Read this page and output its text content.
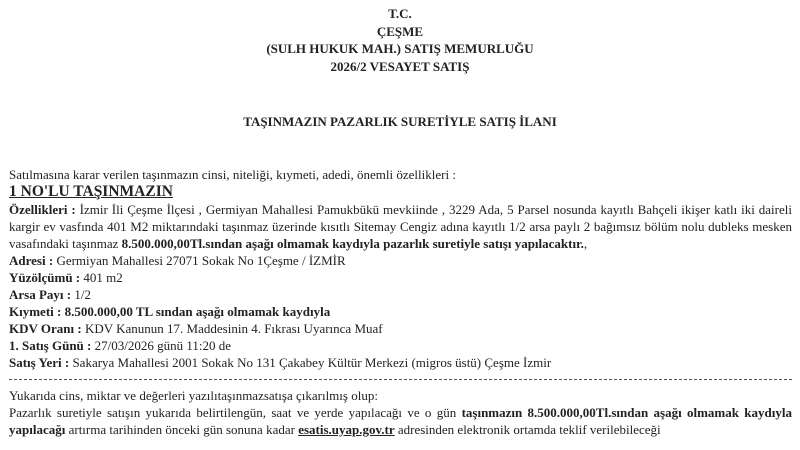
T.C.
ÇEŞME
(SULH HUKUK MAH.) SATIŞ MEMURLUĞU
2026/2 VESAYET SATIŞ
TAŞINMAZIN PAZARLIK SURETİYLE SATIŞ İLANI

Satılmasına karar verilen taşınmazın cinsi, niteliği, kıymeti, adedi, önemli özellikleri :

1 NO'LU TAŞINMAZIN

Özellikleri : İzmir İli Çeşme İlçesi , Germiyan Mahallesi Pamukbükü mevkiinde , 3229 Ada, 5 Parsel nosunda kayıtlı Bahçeli ikişer katlı iki daireli kargir ev vasfında 401 M2 miktarındaki taşınmaz üzerinde kısıtlı Sitemay Cengiz adına kayıtlı 1/2 arsa paylı 2 bağımsız bölüm nolu dubleks mesken vasafındaki taşınmaz 8.500.000,00Tl.sından aşağı olmamak kaydıyla pazarlık suretiyle satışı yapılacaktır.,

Adresi : Germiyan Mahallesi 27071 Sokak No 1Çeşme / İZMİR

Yüzölçümü : 401 m2

Arsa Payı : 1/2

Kıymeti : 8.500.000,00 TL sından aşağı olmamak kaydıyla

KDV Oranı : KDV Kanunun 17. Maddesinin 4. Fıkrası Uyarınca Muaf

1. Satış Günü : 27/03/2026 günü 11:20 de

Satış Yeri : Sakarya Mahallesi 2001 Sokak No 131 Çakabey Kültür Merkezi (migros üstü) Çeşme İzmir

Yukarıda cins, miktar ve değerleri yazılıtaşınmazsatışa çıkarılmış olup:

Pazarlık suretiyle satışın yukarıda belirtilengün, saat ve yerde yapılacağı ve o gün taşınmazın 8.500.000,00Tl.sından aşağı olmamak kaydıyla yapılacağı artırma tarihinden önceki gün sonuna kadar esatis.uyap.gov.tr adresinden elektronik ortamda teklif verilebileceği
